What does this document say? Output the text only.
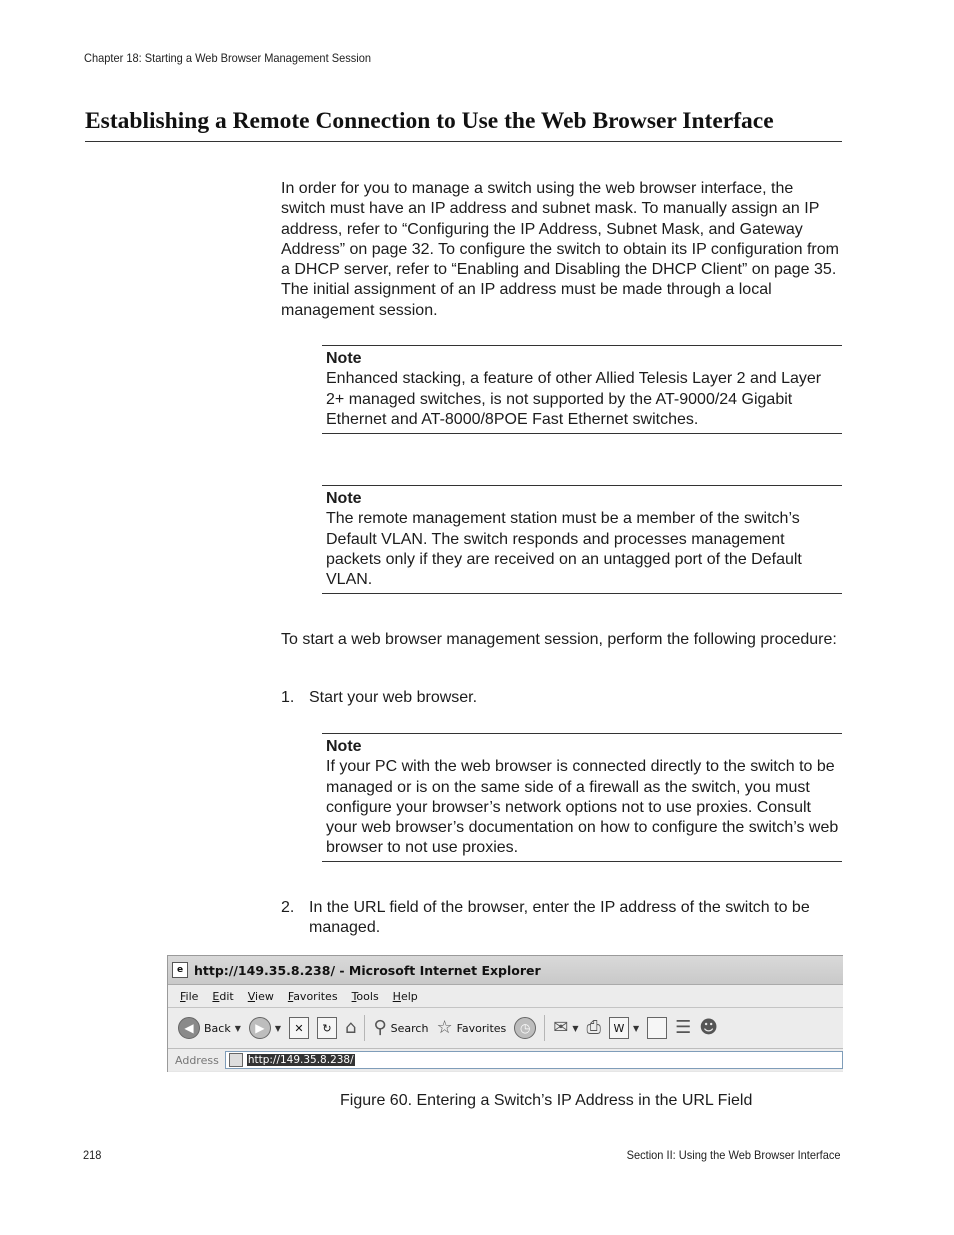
Chapter 18: Starting a Web Browser Management Session
Establishing a Remote Connection to Use the Web Browser Interface

In order for you to manage a switch using the web browser interface, the switch must have an IP address and subnet mask. To manually assign an IP address, refer to “Configuring the IP Address, Subnet Mask, and Gateway Address” on page 32. To configure the switch to obtain its IP configuration from a DHCP server, refer to “Enabling and Disabling the DHCP Client” on page 35. The initial assignment of an IP address must be made through a local management session.

Note

Enhanced stacking, a feature of other Allied Telesis Layer 2 and Layer 2+ managed switches, is not supported by the AT-9000/24 Gigabit Ethernet and AT-8000/8POE Fast Ethernet switches.

Note

The remote management station must be a member of the switch’s Default VLAN. The switch responds and processes management packets only if they are received on an untagged port of the Default VLAN.

To start a web browser management session, perform the following procedure:

1. Start your web browser.

Note

If your PC with the web browser is connected directly to the switch to be managed or is on the same side of a firewall as the switch, you must configure your browser’s network options not to use proxies. Consult your web browser’s documentation on how to configure the switch’s web browser to not use proxies.

2. In the URL field of the browser, enter the IP address of the switch to be managed.

e http://149.35.8.238/ - Microsoft Internet Explorer
File Edit View Favorites Tools Help
◀ Back ▼	▶	▼	✕	↻ ⌂ ⚲ Search ☆ Favorites	◷	✉ ▼ ⎙	W	▼ ☰ ☻
Address	http://149.35.8.238/
Figure 60. Entering a Switch’s IP Address in the URL Field
218	Section II: Using the Web Browser Interface
